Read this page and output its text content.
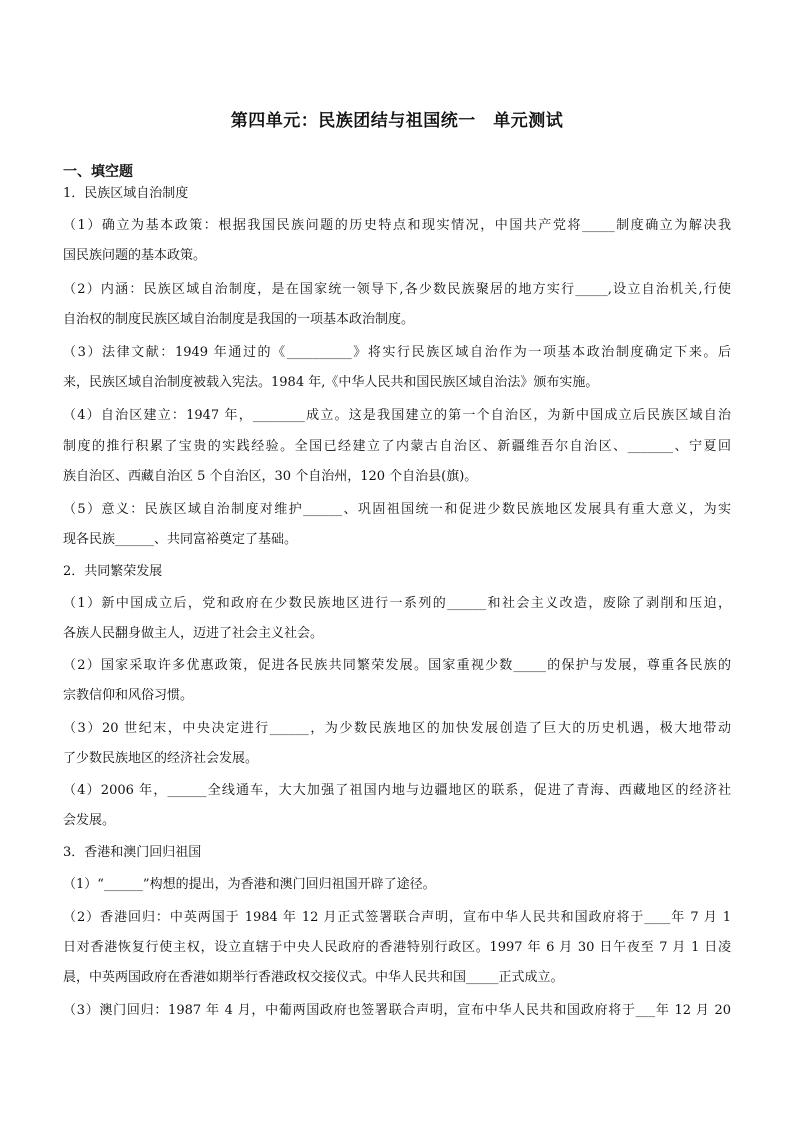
第四单元：民族团结与祖国统一　单元测试
一、填空题
1．民族区域自治制度
（1）确立为基本政策：根据我国民族问题的历史特点和现实情况，中国共产党将_____制度确立为解决我
国民族问题的基本政策。
（2）内涵：民族区域自治制度，是在国家统一领导下,各少数民族聚居的地方实行_____,设立自治机关,行使
自治权的制度民族区域自治制度是我国的一项基本政治制度。
（3）法律文献：1949 年通过的《__________》将实行民族区域自治作为一项基本政治制度确定下来。后
来，民族区域自治制度被载入宪法。1984 年,《中华人民共和国民族区域自治法》颁布实施。
（4）自治区建立：1947 年，________成立。这是我国建立的第一个自治区，为新中国成立后民族区域自治
制度的推行积累了宝贵的实践经验。全国已经建立了内蒙古自治区、新疆维吾尔自治区、_______、宁夏回
族自治区、西藏自治区 5 个自治区，30 个自治州，120 个自治县(旗)。
（5）意义：民族区域自治制度对维护______、巩固祖国统一和促进少数民族地区发展具有重大意义，为实
现各民族______、共同富裕奠定了基础。
2．共同繁荣发展
（1）新中国成立后，党和政府在少数民族地区进行一系列的______和社会主义改造，废除了剥削和压迫，
各族人民翻身做主人，迈进了社会主义社会。
（2）国家采取许多优惠政策，促进各民族共同繁荣发展。国家重视少数_____的保护与发展，尊重各民族的
宗教信仰和风俗习惯。
（3）20 世纪末，中央决定进行______，为少数民族地区的加快发展创造了巨大的历史机遇，极大地带动
了少数民族地区的经济社会发展。
（4）2006 年，______全线通车，大大加强了祖国内地与边疆地区的联系，促进了青海、西藏地区的经济社
会发展。
3．香港和澳门回归祖国
（1）“______”构想的提出，为香港和澳门回归祖国开辟了途径。
（2）香港回归：中英两国于 1984 年 12 月正式签署联合声明，宣布中华人民共和国政府将于____年 7 月 1
日对香港恢复行使主权，设立直辖于中央人民政府的香港特别行政区。1997 年 6 月 30 日午夜至 7 月 1 日凌
晨，中英两国政府在香港如期举行香港政权交接仪式。中华人民共和国_____正式成立。
（3）澳门回归：1987 年 4 月，中葡两国政府也签署联合声明，宣布中华人民共和国政府将于___年 12 月 20
